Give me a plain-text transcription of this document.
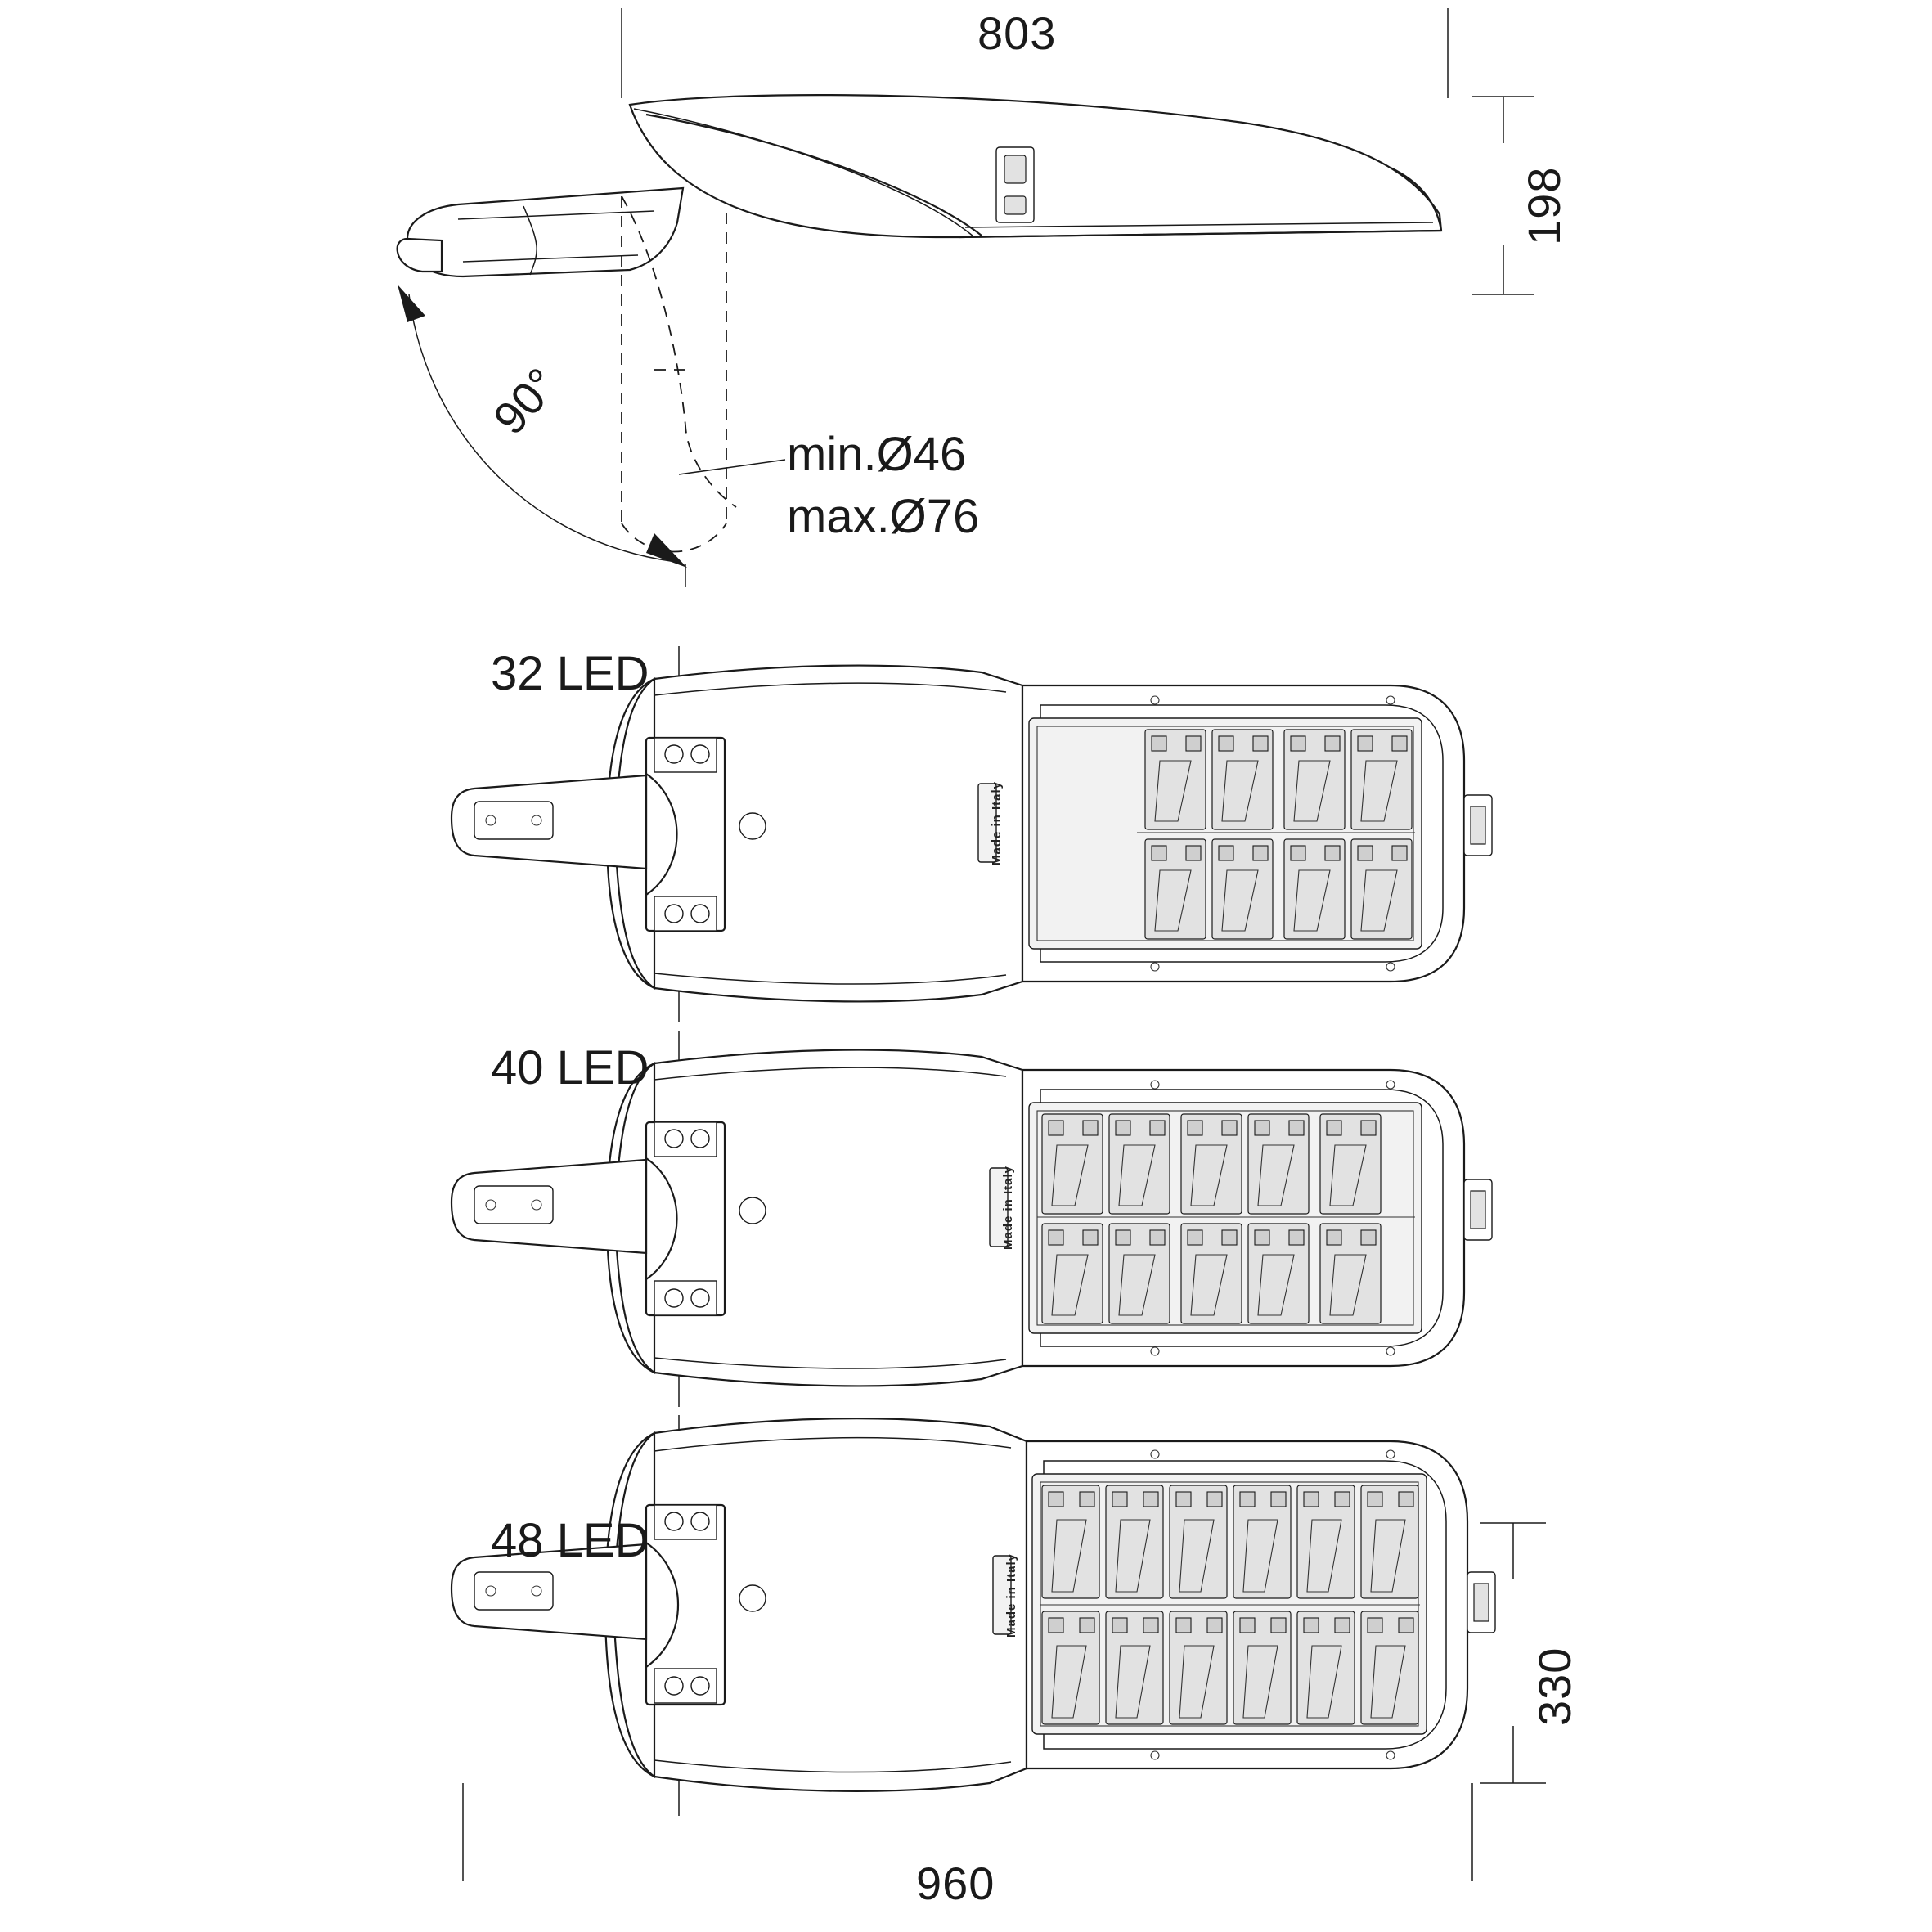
803
198
90°
min.Ø46
max.Ø76
32 LED
40 LED
48 LED
Made in Italy
Made in Italy
Made in Italy
330
960
